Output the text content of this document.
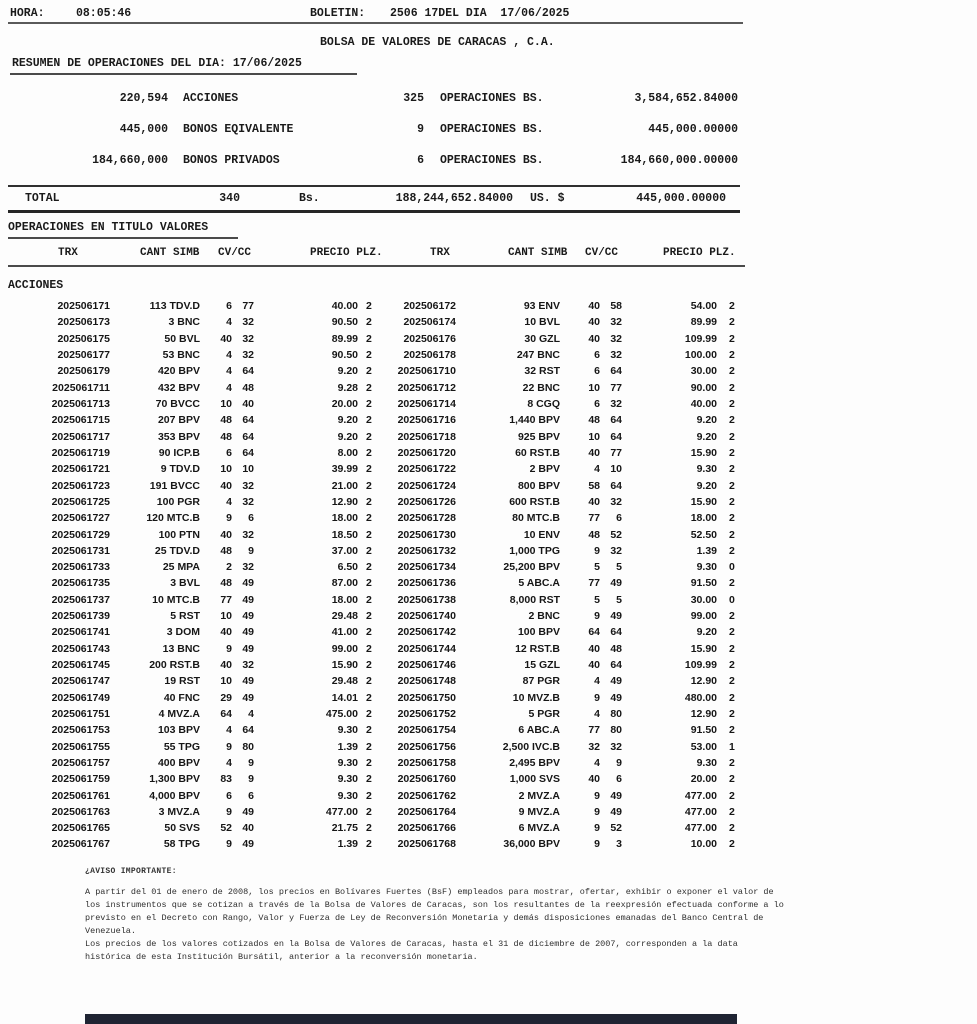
HORA:	08:05:46	BOLETIN: 2506 17DEL DIA  17/06/2025
BOLSA DE VALORES DE CARACAS , C.A.
RESUMEN DE OPERACIONES DEL DIA: 17/06/2025
220,594 ACCIONES	325 OPERACIONES BS.	3,584,652.84000
445,000 BONOS EQIVALENTE	9 OPERACIONES BS.	445,000.00000
184,660,000 BONOS PRIVADOS	6 OPERACIONES BS.	184,660,000.00000
TOTAL	340	Bs.	188,244,652.84000 US. $	445,000.00000
OPERACIONES EN TITULO VALORES
TRX	CANT SIMB CV/CC	PRECIO PLZ.	TRX	CANT SIMB CV/CC	PRECIO PLZ.
ACCIONES
202506171	113 TDV.D	6 77	40.00 2	202506172	93 ENV	40 58	54.00	2
202506173	3 BNC	4 32	90.50 2	202506174	10 BVL	40 32	89.99	2
202506175	50 BVL	40 32	89.99 2	202506176	30 GZL	40 32	109.99	2
202506177	53 BNC	4 32	90.50 2	202506178	247 BNC	6 32	100.00	2
202506179	420 BPV	4 64	9.20 2	2025061710	32 RST	6 64	30.00	2
2025061711	432 BPV	4 48	9.28 2	2025061712	22 BNC	10 77	90.00	2
2025061713	70 BVCC	10 40	20.00 2	2025061714	8 CGQ	6 32	40.00	2
2025061715	207 BPV	48 64	9.20 2	2025061716	1,440 BPV	48 64	9.20	2
2025061717	353 BPV	48 64	9.20 2	2025061718	925 BPV	10 64	9.20	2
2025061719	90 ICP.B	6 64	8.00 2	2025061720	60 RST.B	40 77	15.90	2
2025061721	9 TDV.D	10 10	39.99 2	2025061722	2 BPV	4 10	9.30	2
2025061723	191 BVCC	40 32	21.00 2	2025061724	800 BPV	58 64	9.20	2
2025061725	100 PGR	4 32	12.90 2	2025061726	600 RST.B	40 32	15.90	2
2025061727	120 MTC.B	9	6	18.00 2	2025061728	80 MTC.B	77	6	18.00	2
2025061729	100 PTN	40 32	18.50 2	2025061730	10 ENV	48 52	52.50	2
2025061731	25 TDV.D	48	9	37.00 2	2025061732	1,000 TPG	9 32	1.39	2
2025061733	25 MPA	2 32	6.50 2	2025061734	25,200 BPV	5	5	9.30	0
2025061735	3 BVL	48 49	87.00 2	2025061736	5 ABC.A	77 49	91.50	2
2025061737	10 MTC.B	77 49	18.00 2	2025061738	8,000 RST	5	5	30.00	0
2025061739	5 RST	10 49	29.48 2	2025061740	2 BNC	9 49	99.00	2
2025061741	3 DOM	40 49	41.00 2	2025061742	100 BPV	64 64	9.20	2
2025061743	13 BNC	9 49	99.00 2	2025061744	12 RST.B	40 48	15.90	2
2025061745	200 RST.B	40 32	15.90 2	2025061746	15 GZL	40 64	109.99	2
2025061747	19 RST	10 49	29.48 2	2025061748	87 PGR	4 49	12.90	2
2025061749	40 FNC	29 49	14.01 2	2025061750	10 MVZ.B	9 49	480.00	2
2025061751	4 MVZ.A	64	4	475.00 2	2025061752	5 PGR	4 80	12.90	2
2025061753	103 BPV	4 64	9.30 2	2025061754	6 ABC.A	77 80	91.50	2
2025061755	55 TPG	9 80	1.39 2	2025061756	2,500 IVC.B	32 32	53.00	1
2025061757	400 BPV	4	9	9.30 2	2025061758	2,495 BPV	4	9	9.30	2
2025061759	1,300 BPV	83	9	9.30 2	2025061760	1,000 SVS	40	6	20.00	2
2025061761	4,000 BPV	6	6	9.30 2	2025061762	2 MVZ.A	9 49	477.00	2
2025061763	3 MVZ.A	9 49	477.00 2	2025061764	9 MVZ.A	9 49	477.00	2
2025061765	50 SVS	52 40	21.75 2	2025061766	6 MVZ.A	9 52	477.00	2
2025061767	58 TPG	9 49	1.39 2	2025061768	36,000 BPV	9	3	10.00	2
¿AVISO IMPORTANTE:
A partir del 01 de enero de 2008, los precios en Bolívares Fuertes (BsF) empleados para mostrar, ofertar, exhibir o exponer el valor de
los instrumentos que se cotizan a través de la Bolsa de Valores de Caracas, son los resultantes de la reexpresión efectuada conforme a lo
previsto en el Decreto con Rango, Valor y Fuerza de Ley de Reconversión Monetaria y demás disposiciones emanadas del Banco Central de
Venezuela.
Los precios de los valores cotizados en la Bolsa de Valores de Caracas, hasta el 31 de diciembre de 2007, corresponden a la data
histórica de esta Institución Bursátil, anterior a la reconversión monetaria.
